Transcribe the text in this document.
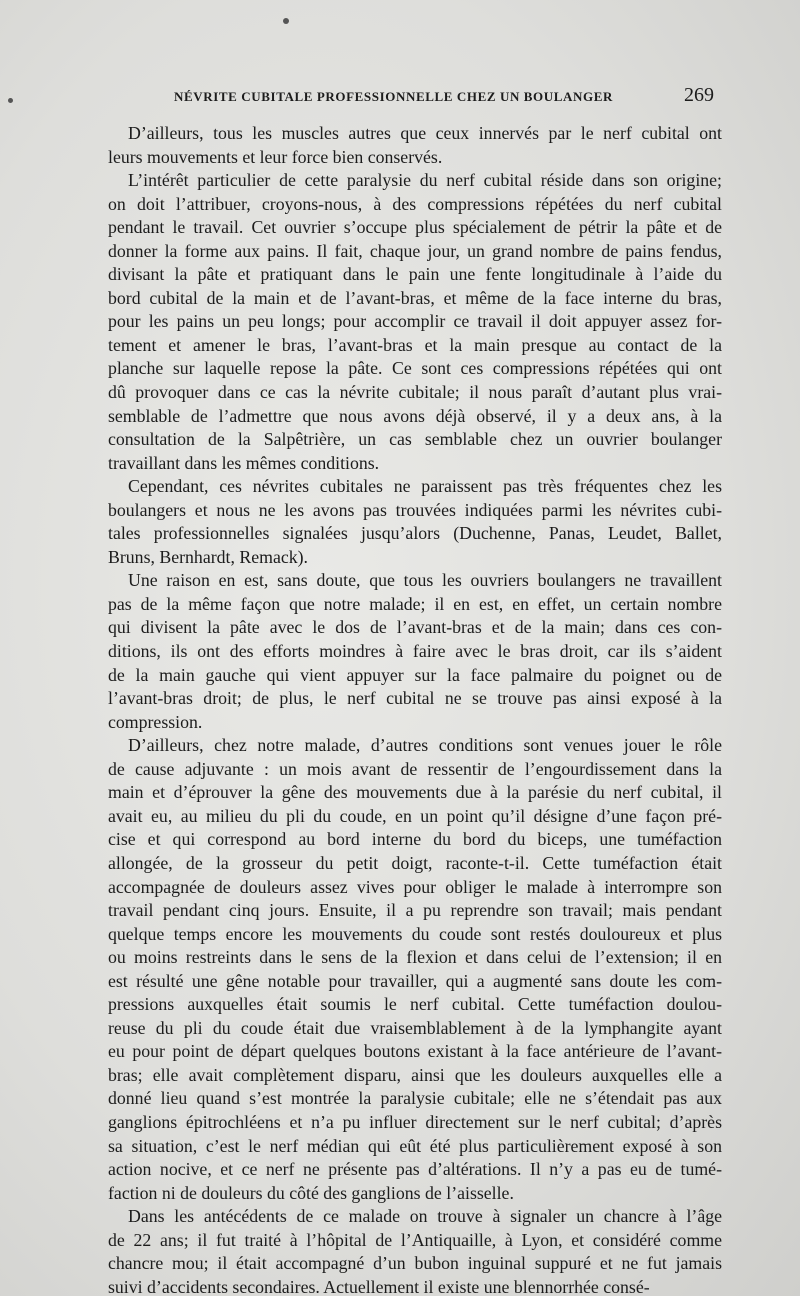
NÉVRITE CUBITALE PROFESSIONNELLE CHEZ UN BOULANGER	269

D’ailleurs, tous les muscles autres que ceux innervés par le nerf cubital ont
leurs mouvements et leur force bien conservés.

L’intérêt particulier de cette paralysie du nerf cubital réside dans son origine;
on doit l’attribuer, croyons-nous, à des compressions répétées du nerf cubital
pendant le travail. Cet ouvrier s’occupe plus spécialement de pétrir la pâte et de
donner la forme aux pains. Il fait, chaque jour, un grand nombre de pains fendus,
divisant la pâte et pratiquant dans le pain une fente longitudinale à l’aide du
bord cubital de la main et de l’avant-bras, et même de la face interne du bras,
pour les pains un peu longs; pour accomplir ce travail il doit appuyer assez for-
tement et amener le bras, l’avant-bras et la main presque au contact de la
planche sur laquelle repose la pâte. Ce sont ces compressions répétées qui ont
dû provoquer dans ce cas la névrite cubitale; il nous paraît d’autant plus vrai-
semblable de l’admettre que nous avons déjà observé, il y a deux ans, à la
consultation de la Salpêtrière, un cas semblable chez un ouvrier boulanger
travaillant dans les mêmes conditions.

Cependant, ces névrites cubitales ne paraissent pas très fréquentes chez les
boulangers et nous ne les avons pas trouvées indiquées parmi les névrites cubi-
tales professionnelles signalées jusqu’alors (Duchenne, Panas, Leudet, Ballet,
Bruns, Bernhardt, Remack).

Une raison en est, sans doute, que tous les ouvriers boulangers ne travaillent
pas de la même façon que notre malade; il en est, en effet, un certain nombre
qui divisent la pâte avec le dos de l’avant-bras et de la main; dans ces con-
ditions, ils ont des efforts moindres à faire avec le bras droit, car ils s’aident
de la main gauche qui vient appuyer sur la face palmaire du poignet ou de
l’avant-bras droit; de plus, le nerf cubital ne se trouve pas ainsi exposé à la
compression.

D’ailleurs, chez notre malade, d’autres conditions sont venues jouer le rôle
de cause adjuvante : un mois avant de ressentir de l’engourdissement dans la
main et d’éprouver la gêne des mouvements due à la parésie du nerf cubital, il
avait eu, au milieu du pli du coude, en un point qu’il désigne d’une façon pré-
cise et qui correspond au bord interne du bord du biceps, une tuméfaction
allongée, de la grosseur du petit doigt, raconte-t-il. Cette tuméfaction était
accompagnée de douleurs assez vives pour obliger le malade à interrompre son
travail pendant cinq jours. Ensuite, il a pu reprendre son travail; mais pendant
quelque temps encore les mouvements du coude sont restés douloureux et plus
ou moins restreints dans le sens de la flexion et dans celui de l’extension; il en
est résulté une gêne notable pour travailler, qui a augmenté sans doute les com-
pressions auxquelles était soumis le nerf cubital. Cette tuméfaction doulou-
reuse du pli du coude était due vraisemblablement à de la lymphangite ayant
eu pour point de départ quelques boutons existant à la face antérieure de l’avant-
bras; elle avait complètement disparu, ainsi que les douleurs auxquelles elle a
donné lieu quand s’est montrée la paralysie cubitale; elle ne s’étendait pas aux
ganglions épitrochléens et n’a pu influer directement sur le nerf cubital; d’après
sa situation, c’est le nerf médian qui eût été plus particulièrement exposé à son
action nocive, et ce nerf ne présente pas d’altérations. Il n’y a pas eu de tumé-
faction ni de douleurs du côté des ganglions de l’aisselle.

Dans les antécédents de ce malade on trouve à signaler un chancre à l’âge
de 22 ans; il fut traité à l’hôpital de l’Antiquaille, à Lyon, et considéré comme
chancre mou; il était accompagné d’un bubon inguinal suppuré et ne fut jamais
suivi d’accidents secondaires. Actuellement il existe une blennorrhée consé-
